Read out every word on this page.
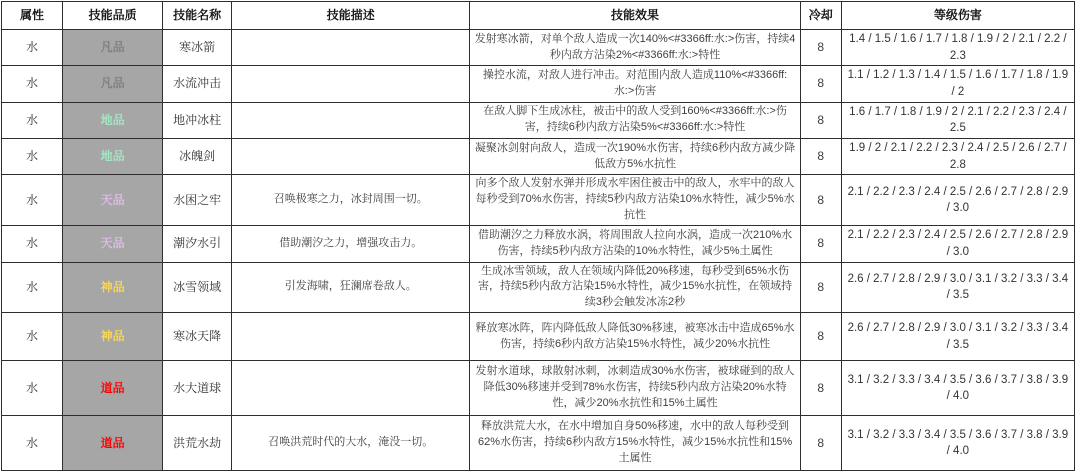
属性	技能品质	技能名称	技能描述	技能效果	冷却	等级伤害
水	凡品	寒冰箭		发射寒冰箭，对单个敌人造成一次140%<#3366ff:水:>伤害，持续4秒内敌方沾染2%<#3366ff:水:>特性	8	1.4 / 1.5 / 1.6 / 1.7 / 1.8 / 1.9 / 2 / 2.1 / 2.2 / 2.3
水	凡品	水流冲击		操控水流，对敌人进行冲击。对范围内敌人造成110%<#3366ff:水:>伤害	8	1.1 / 1.2 / 1.3 / 1.4 / 1.5 / 1.6 / 1.7 / 1.8 / 1.9 / 2
水	地品	地冲冰柱		在敌人脚下生成冰柱，被击中的敌人受到160%<#3366ff:水:>伤害，持续6秒内敌方沾染5%<#3366ff:水:>特性	8	1.6 / 1.7 / 1.8 / 1.9 / 2 / 2.1 / 2.2 / 2.3 / 2.4 / 2.5
水	地品	冰魄剑		凝聚冰剑射向敌人，造成一次190%水伤害，持续6秒内敌方减少降低敌方5%水抗性	8	1.9 / 2 / 2.1 / 2.2 / 2.3 / 2.4 / 2.5 / 2.6 / 2.7 / 2.8
水	天品	水困之牢	召唤极寒之力，冰封周围一切。	向多个敌人发射水弹并形成水牢困住被击中的敌人，水牢中的敌人每秒受到70%水伤害，持续5秒内敌方沾染10%水特性，减少5%水抗性	8	2.1 / 2.2 / 2.3 / 2.4 / 2.5 / 2.6 / 2.7 / 2.8 / 2.9 / 3.0
水	天品	潮汐水引	借助潮汐之力，增强攻击力。	借助潮汐之力释放水涡，将周围敌人拉向水涡，造成一次210%水伤害，持续5秒内敌方沾染的10%水特性，减少5%土属性	8	2.1 / 2.2 / 2.3 / 2.4 / 2.5 / 2.6 / 2.7 / 2.8 / 2.9 / 3.0
水	神品	冰雪领域	引发海啸，狂澜席卷敌人。	生成冰雪领域，敌人在领域内降低20%移速，每秒受到65%水伤害，持续5秒内敌方沾染15%水特性，减少15%水抗性，在领域持续3秒会触发冰冻2秒	8	2.6 / 2.7 / 2.8 / 2.9 / 3.0 / 3.1 / 3.2 / 3.3 / 3.4 / 3.5
水	神品	寒冰天降		释放寒冰阵，阵内降低敌人降低30%移速，被寒冰击中造成65%水伤害，持续6秒内敌方沾染15%水特性，减少20%水抗性	8	2.6 / 2.7 / 2.8 / 2.9 / 3.0 / 3.1 / 3.2 / 3.3 / 3.4 / 3.5
水	道品	水大道球		发射水道球，球散射冰刺，冰刺造成30%水伤害，被球碰到的敌人降低30%移速并受到78%水伤害，持续5秒内敌方沾染20%水特性，减少20%水抗性和15%土属性	8	3.1 / 3.2 / 3.3 / 3.4 / 3.5 / 3.6 / 3.7 / 3.8 / 3.9 / 4.0
水	道品	洪荒水劫	召唤洪荒时代的大水，淹没一切。	释放洪荒大水，在水中增加自身50%移速，水中的敌人每秒受到62%水伤害，持续6秒内敌方15%水特性，减少15%水抗性和15%土属性	8	3.1 / 3.2 / 3.3 / 3.4 / 3.5 / 3.6 / 3.7 / 3.8 / 3.9 / 4.0
